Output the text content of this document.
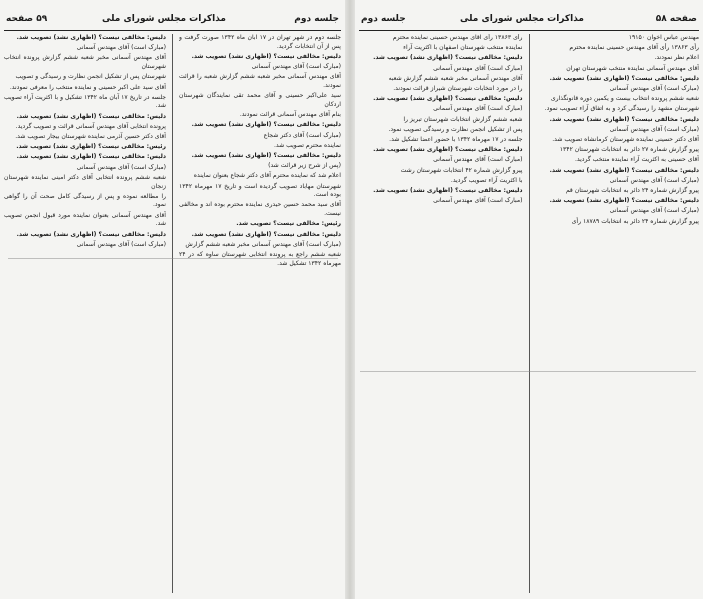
جلسه دوم
مذاکرات مجلس شورای ملی
۵۹ صفحه

جلسه دوم در شهر تهران در ۱۷ آبان ماه ۱۳۴۲ صورت گرفت و پس از آن انتخابات گردید.

دلیس: مخالفی نیست؟ (اظهاری نشد) تصویب شد.

(مبارک است) آقای مهندس آسمانی

آقای مهندس آسمانی مخبر شعبه ششم گزارش شعبه را قرائت نمودند.

سید علی‌اکبر حسینی و آقای محمد تقی نمایندگان شهرستان اردکان

بنام آقای مهندس آسمانی قرائت نمودند.

دلیس: مخالفی نیست؟ (اظهاری نشد) تصویب شد.

(مبارک است) آقای دکتر شجاع

نماینده محترم تصویب شد.

دلیس: مخالفی نیست؟ (اظهاری نشد) تصویب شد.

(پس از شرح زیر قرائت شد)

اعلام شد که نماینده محترم آقای دکتر شجاع بعنوان نماینده

شهرستان مهاباد تصویب گردیده است و تاریخ ۱۷ مهرماه ۱۳۴۲ بوده است.

آقای سید محمد حسین حیدری نماینده محترم بوده اند و مخالفی نیست.

رئیس: مخالفی نیست؟ تصویب شد.

دلیس: مخالفی نیست؟ (اظهاری نشد) تصویب شد.

(مبارک است) آقای مهندس آسمانی مخبر شعبه ششم گزارش

شعبه ششم راجع به پرونده انتخابی شهرستان ساوه که در ۲۴ مهرماه ۱۳۴۲ تشکیل شد.

دلیس: مخالفی نیست؟ (اظهاری نشد) تصویب شد.

(مبارک است) آقای مهندس آسمانی

آقای مهندس آسمانی مخبر شعبه ششم گزارش پرونده انتخاب شهرستان

شهرستان پس از تشکیل انجمن نظارت و رسیدگی و تصویب

آقای سید علی اکبر حسینی و نماینده منتخب را معرفی نمودند.

جلسه در تاریخ ۱۷ آبان ماه ۱۳۴۲ تشکیل و با اکثریت آراء تصویب شد.

دلیس: مخالفی نیست؟ (اظهاری نشد) تصویب شد.

پرونده انتخابی آقای مهندس آسمانی قرائت و تصویب گردید.

آقای دکتر حسین آذرمی نماینده شهرستان بیجار تصویب شد.

رئیس: مخالفی نیست؟ (اظهاری نشد) تصویب شد.

دلیس: مخالفی نیست؟ (اظهاری نشد) تصویب شد.

(مبارک است) آقای مهندس آسمانی

شعبه ششم پرونده انتخابی آقای دکتر امینی نماینده شهرستان زنجان

را مطالعه نموده و پس از رسیدگی کامل صحت آن را گواهی نمود.

آقای مهندس آسمانی بعنوان نماینده مورد قبول انجمن تصویب شد.

دلیس: مخالفی نیست؟ (اظهاری نشد) تصویب شد.

(مبارک است) آقای مهندس آسمانی

صفحه ۵۸
مذاکرات مجلس شورای ملی
جلسه دوم

مهندس عباس آخوان ۱۹۱۵۰

رأی ۱۳۸۶۳ رأی آقای مهندس حسینی نماینده محترم

اعلام نظر نمودند.

آقای مهندس آسمانی نماینده منتخب شهرستان تهران

دلیس: مخالفی نیست؟ (اظهاری نشد) تصویب شد.

(مبارک است) آقای مهندس آسمانی

شعبه ششم پرونده انتخاب بیست و یکمین دوره قانونگذاری

شهرستان مشهد را رسیدگی کرد و به اتفاق آراء تصویب نمود.

دلیس: مخالفی نیست؟ (اظهاری نشد) تصویب شد.

(مبارک است) آقای مهندس آسمانی

آقای دکتر حسینی نماینده شهرستان کرمانشاه تصویب شد.

پیرو گزارش شماره ۲۷ دائر به انتخابات شهرستان ۱۳۴۲

آقای حسینی به اکثریت آراء نماینده منتخب گردید.

دلیس: مخالفی نیست؟ (اظهاری نشد) تصویب شد.

(مبارک است) آقای مهندس آسمانی

پیرو گزارش شماره ۲۴ دائر به انتخابات شهرستان قم

دلیس: مخالفی نیست؟ (اظهاری نشد) تصویب شد.

(مبارک است) آقای مهندس آسمانی

پیرو گزارش شماره ۲۴ دائر به انتخابات ۱۸۷۸۹ رأی

رأی ۱۳۸۶۳ رأی آقای مهندس حسینی نماینده محترم

نماینده منتخب شهرستان اصفهان با اکثریت آراء

دلیس: مخالفی نیست؟ (اظهاری نشد) تصویب شد.

(مبارک است) آقای مهندس آسمانی

آقای مهندس آسمانی مخبر شعبه ششم گزارش شعبه

را در مورد انتخابات شهرستان شیراز قرائت نمودند.

دلیس: مخالفی نیست؟ (اظهاری نشد) تصویب شد.

(مبارک است) آقای مهندس آسمانی

شعبه ششم گزارش انتخابات شهرستان تبریز را

پس از تشکیل انجمن نظارت و رسیدگی تصویب نمود.

جلسه در ۱۷ مهرماه ۱۳۴۲ با حضور اعضا تشکیل شد.

دلیس: مخالفی نیست؟ (اظهاری نشد) تصویب شد.

(مبارک است) آقای مهندس آسمانی

پیرو گزارش شماره ۴۲ انتخابات شهرستان رشت

با اکثریت آراء تصویب گردید.

دلیس: مخالفی نیست؟ (اظهاری نشد) تصویب شد.

(مبارک است) آقای مهندس آسمانی
